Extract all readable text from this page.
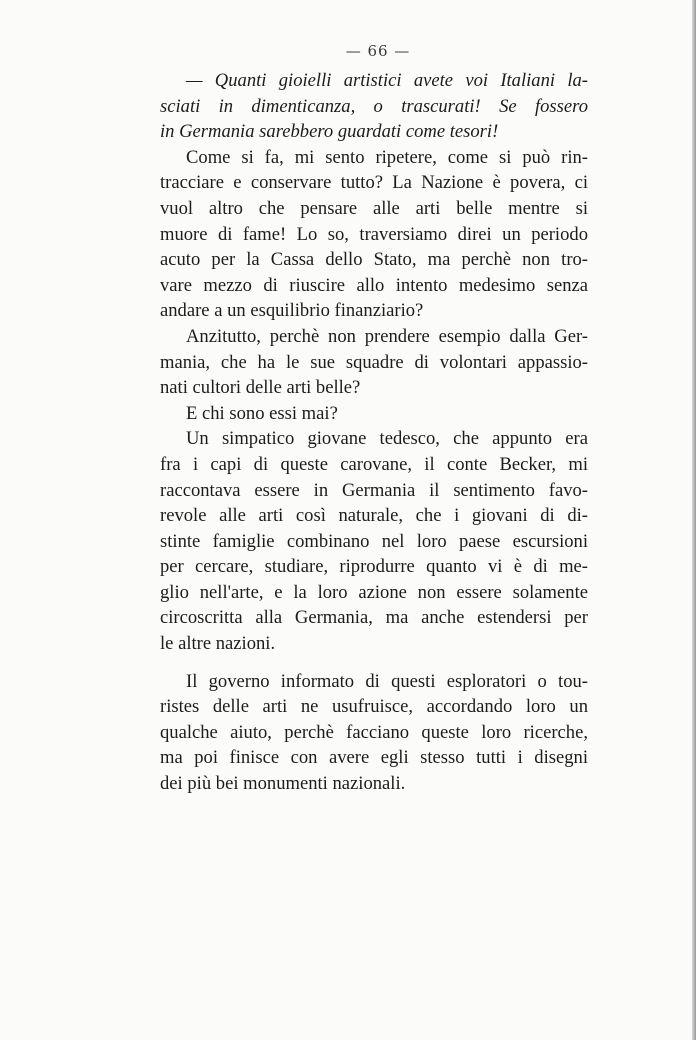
— 66 —
— Quanti gioielli artistici avete voi Italiani la-
sciati in dimenticanza, o trascurati! Se fossero
in Germania sarebbero guardati come tesori!
Come si fa, mi sento ripetere, come si può rin-
tracciare e conservare tutto? La Nazione è povera, ci
vuol altro che pensare alle arti belle mentre si
muore di fame! Lo so, traversiamo direi un periodo
acuto per la Cassa dello Stato, ma perchè non tro-
vare mezzo di riuscire allo intento medesimo senza
andare a un esquilibrio finanziario?
Anzitutto, perchè non prendere esempio dalla Ger-
mania, che ha le sue squadre di volontari appassio-
nati cultori delle arti belle?
E chi sono essi mai?
Un simpatico giovane tedesco, che appunto era
fra i capi di queste carovane, il conte Becker, mi
raccontava essere in Germania il sentimento favo-
revole alle arti così naturale, che i giovani di di-
stinte famiglie combinano nel loro paese escursioni
per cercare, studiare, riprodurre quanto vi è di me-
glio nell'arte, e la loro azione non essere solamente
circoscritta alla Germania, ma anche estendersi per
le altre nazioni.
Il governo informato di questi esploratori o tou-
ristes delle arti ne usufruisce, accordando loro un
qualche aiuto, perchè facciano queste loro ricerche,
ma poi finisce con avere egli stesso tutti i disegni
dei più bei monumenti nazionali.
